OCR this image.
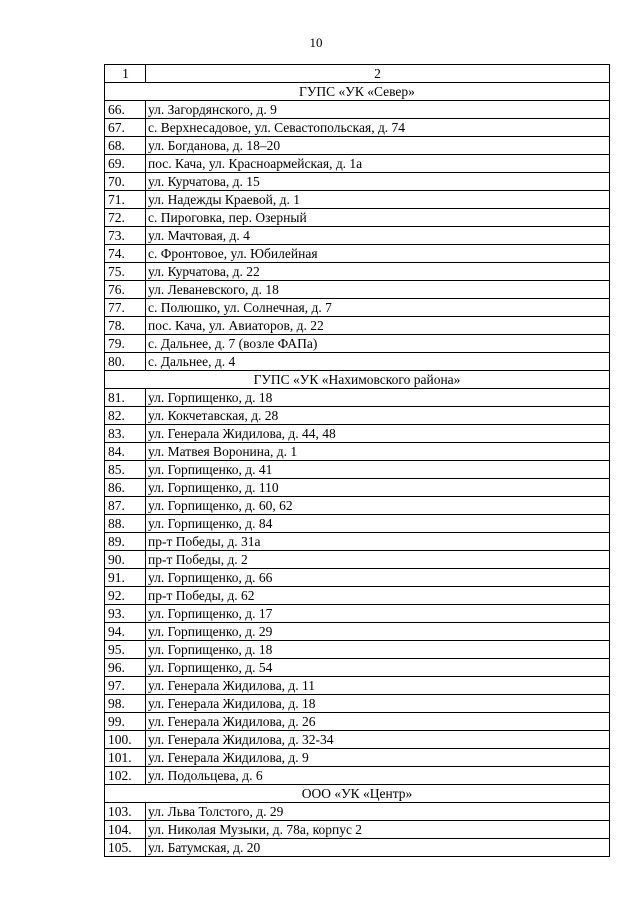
10
1	2
ГУПС «УК «Север»	
66.	ул. Загордянского, д. 9
67.	с. Верхнесадовое, ул. Севастопольская, д. 74
68.	ул. Богданова, д. 18–20
69.	пос. Кача, ул. Красноармейская, д. 1а
70.	ул. Курчатова, д. 15
71.	ул. Надежды Краевой, д. 1
72.	с. Пироговка, пер. Озерный
73.	ул. Мачтовая, д. 4
74.	с. Фронтовое, ул. Юбилейная
75.	ул. Курчатова, д. 22
76.	ул. Леваневского, д. 18
77.	с. Полюшко, ул. Солнечная, д. 7
78.	пос. Кача, ул. Авиаторов, д. 22
79.	с. Дальнее, д. 7 (возле ФАПа)
80.	с. Дальнее, д. 4
ГУПС «УК «Нахимовского района»	
81.	ул. Горпищенко, д. 18
82.	ул. Кокчетавская, д. 28
83.	ул. Генерала Жидилова, д. 44, 48
84.	ул. Матвея Воронина, д. 1
85.	ул. Горпищенко, д. 41
86.	ул. Горпищенко, д. 110
87.	ул. Горпищенко, д. 60, 62
88.	ул. Горпищенко, д. 84
89.	пр-т Победы, д. 31а
90.	пр-т Победы, д. 2
91.	ул. Горпищенко, д. 66
92.	пр-т Победы, д. 62
93.	ул. Горпищенко, д. 17
94.	ул. Горпищенко, д. 29
95.	ул. Горпищенко, д. 18
96.	ул. Горпищенко, д. 54
97.	ул. Генерала Жидилова, д. 11
98.	ул. Генерала Жидилова, д. 18
99.	ул. Генерала Жидилова, д. 26
100.	ул. Генерала Жидилова, д. 32-34
101.	ул. Генерала Жидилова, д. 9
102.	ул. Подольцева, д. 6
ООО «УК «Центр»	
103.	ул. Льва Толстого, д. 29
104.	ул. Николая Музыки, д. 78а, корпус 2
105.	ул. Батумская, д. 20
